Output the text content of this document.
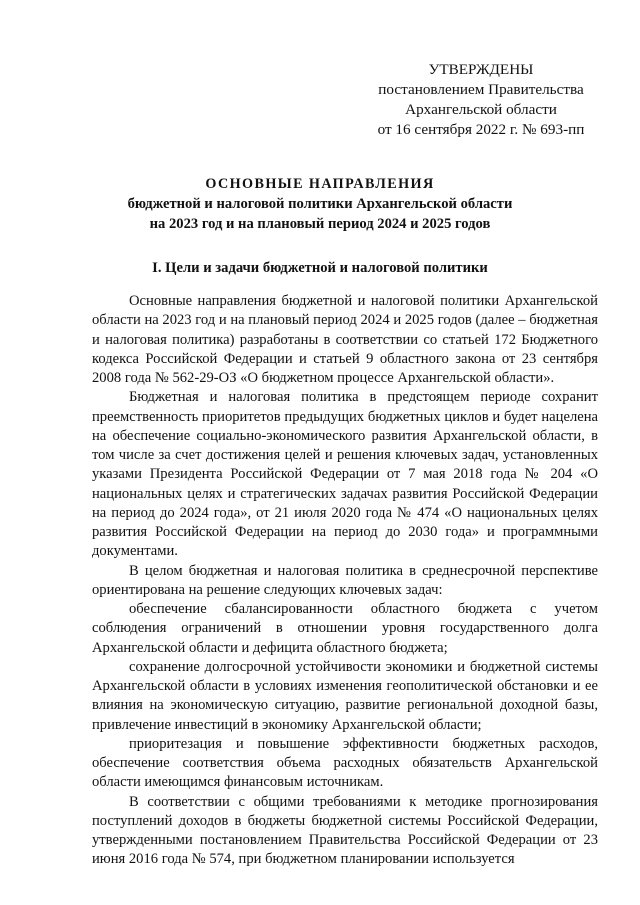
УТВЕРЖДЕНЫ
постановлением Правительства
Архангельской области
от 16 сентября 2022 г. № 693-пп
ОСНОВНЫЕ НАПРАВЛЕНИЯ
бюджетной и налоговой политики Архангельской области
на 2023 год и на плановый период 2024 и 2025 годов
I. Цели и задачи бюджетной и налоговой политики

Основные направления бюджетной и налоговой политики Архангельской области на 2023 год и на плановый период 2024 и 2025 годов (далее – бюджетная и налоговая политика) разработаны в соответствии со статьей 172 Бюджетного кодекса Российской Федерации и статьей 9 областного закона от 23 сентября 2008 года № 562-29-ОЗ «О бюджетном процессе Архангельской области».

Бюджетная и налоговая политика в предстоящем периоде сохранит преемственность приоритетов предыдущих бюджетных циклов и будет нацелена на обеспечение социально-экономического развития Архангельской области, в том числе за счет достижения целей и решения ключевых задач, установленных указами Президента Российской Федерации от 7 мая 2018 года № 204 «О национальных целях и стратегических задачах развития Российской Федерации на период до 2024 года», от 21 июля 2020 года № 474 «О национальных целях развития Российской Федерации на период до 2030 года» и программными документами.

В целом бюджетная и налоговая политика в среднесрочной перспективе ориентирована на решение следующих ключевых задач:

обеспечение сбалансированности областного бюджета с учетом соблюдения ограничений в отношении уровня государственного долга Архангельской области и дефицита областного бюджета;

сохранение долгосрочной устойчивости экономики и бюджетной системы Архангельской области в условиях изменения геополитической обстановки и ее влияния на экономическую ситуацию, развитие региональной доходной базы, привлечение инвестиций в экономику Архангельской области;

приоритезация и повышение эффективности бюджетных расходов, обеспечение соответствия объема расходных обязательств Архангельской области имеющимся финансовым источникам.

В соответствии с общими требованиями к методике прогнозирования поступлений доходов в бюджеты бюджетной системы Российской Федерации, утвержденными постановлением Правительства Российской Федерации от 23 июня 2016 года № 574, при бюджетном планировании используется
